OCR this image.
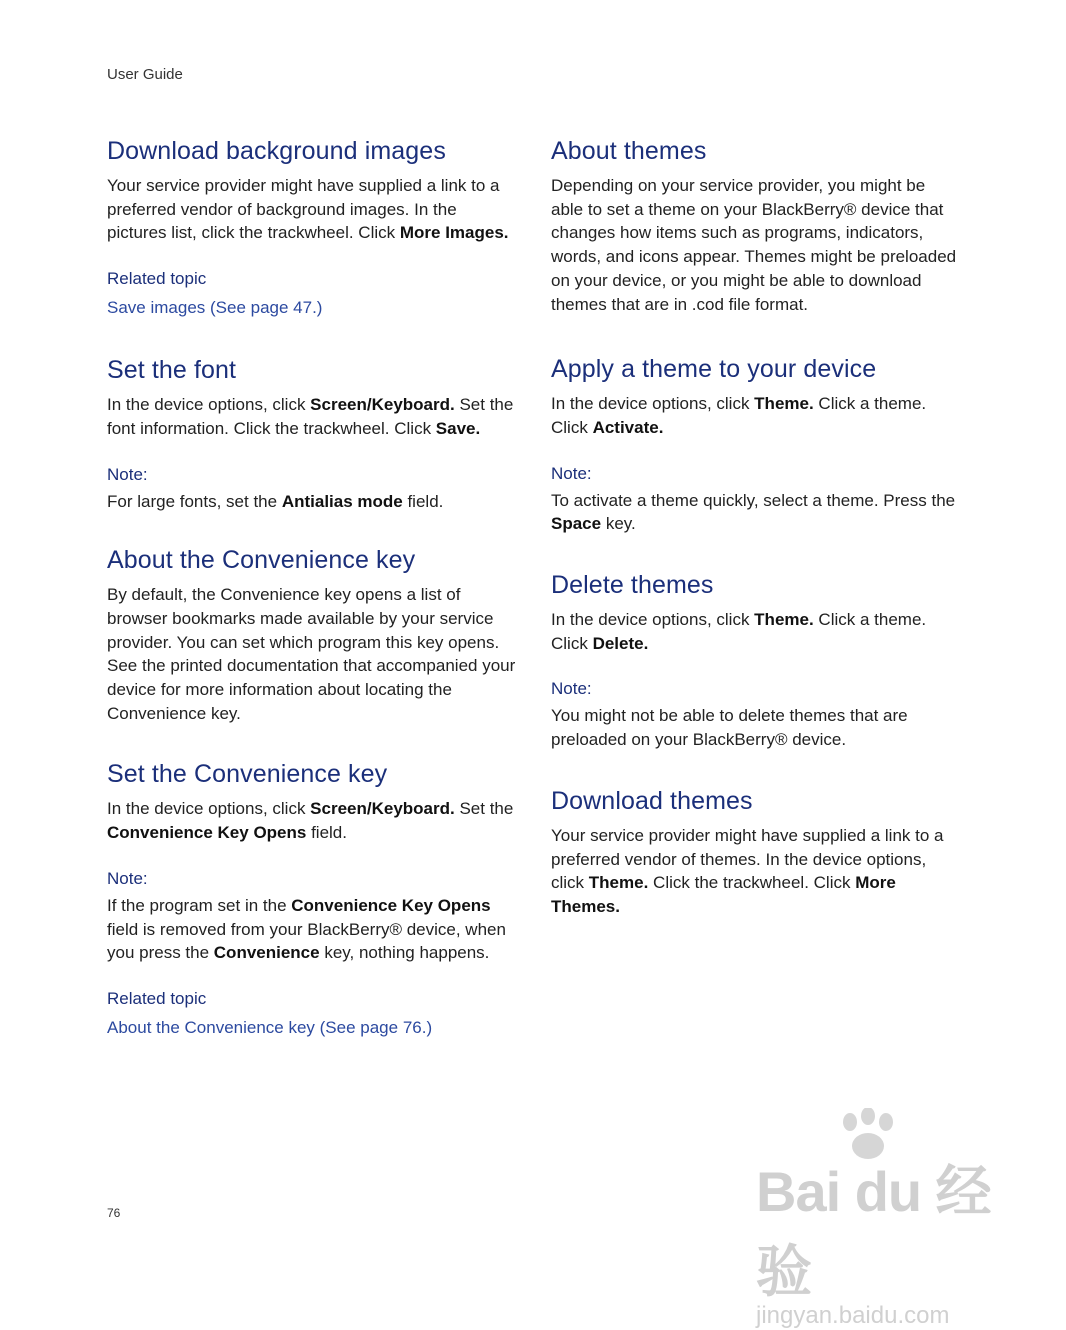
User Guide
Download background images

Your service provider might have supplied a link to a preferred vendor of background images. In the pictures list, click the trackwheel. Click More Images.

Related topic
Save images (See page 47.)
Set the font

In the device options, click Screen/Keyboard. Set the font information. Click the trackwheel. Click Save.

Note:

For large fonts, set the Antialias mode field.

About the Convenience key

By default, the Convenience key opens a list of browser bookmarks made available by your service provider. You can set which program this key opens. See the printed documentation that accompanied your device for more information about locating the Convenience key.

Set the Convenience key

In the device options, click Screen/Keyboard. Set the Convenience Key Opens field.

Note:

If the program set in the Convenience Key Opens field is removed from your BlackBerry® device, when you press the Convenience key, nothing happens.

Related topic
About the Convenience key (See page 76.)
About themes

Depending on your service provider, you might be able to set a theme on your BlackBerry® device that changes how items such as programs, indicators, words, and icons appear. Themes might be preloaded on your device, or you might be able to download themes that are in .cod file format.

Apply a theme to your device

In the device options, click Theme. Click a theme. Click Activate.

Note:

To activate a theme quickly, select a theme. Press the Space key.

Delete themes

In the device options, click Theme. Click a theme. Click Delete.

Note:

You might not be able to delete themes that are preloaded on your BlackBerry® device.

Download themes

Your service provider might have supplied a link to a preferred vendor of themes. In the device options, click Theme. Click the trackwheel. Click More Themes.

76	Bai du 经验
jingyan.baidu.com
